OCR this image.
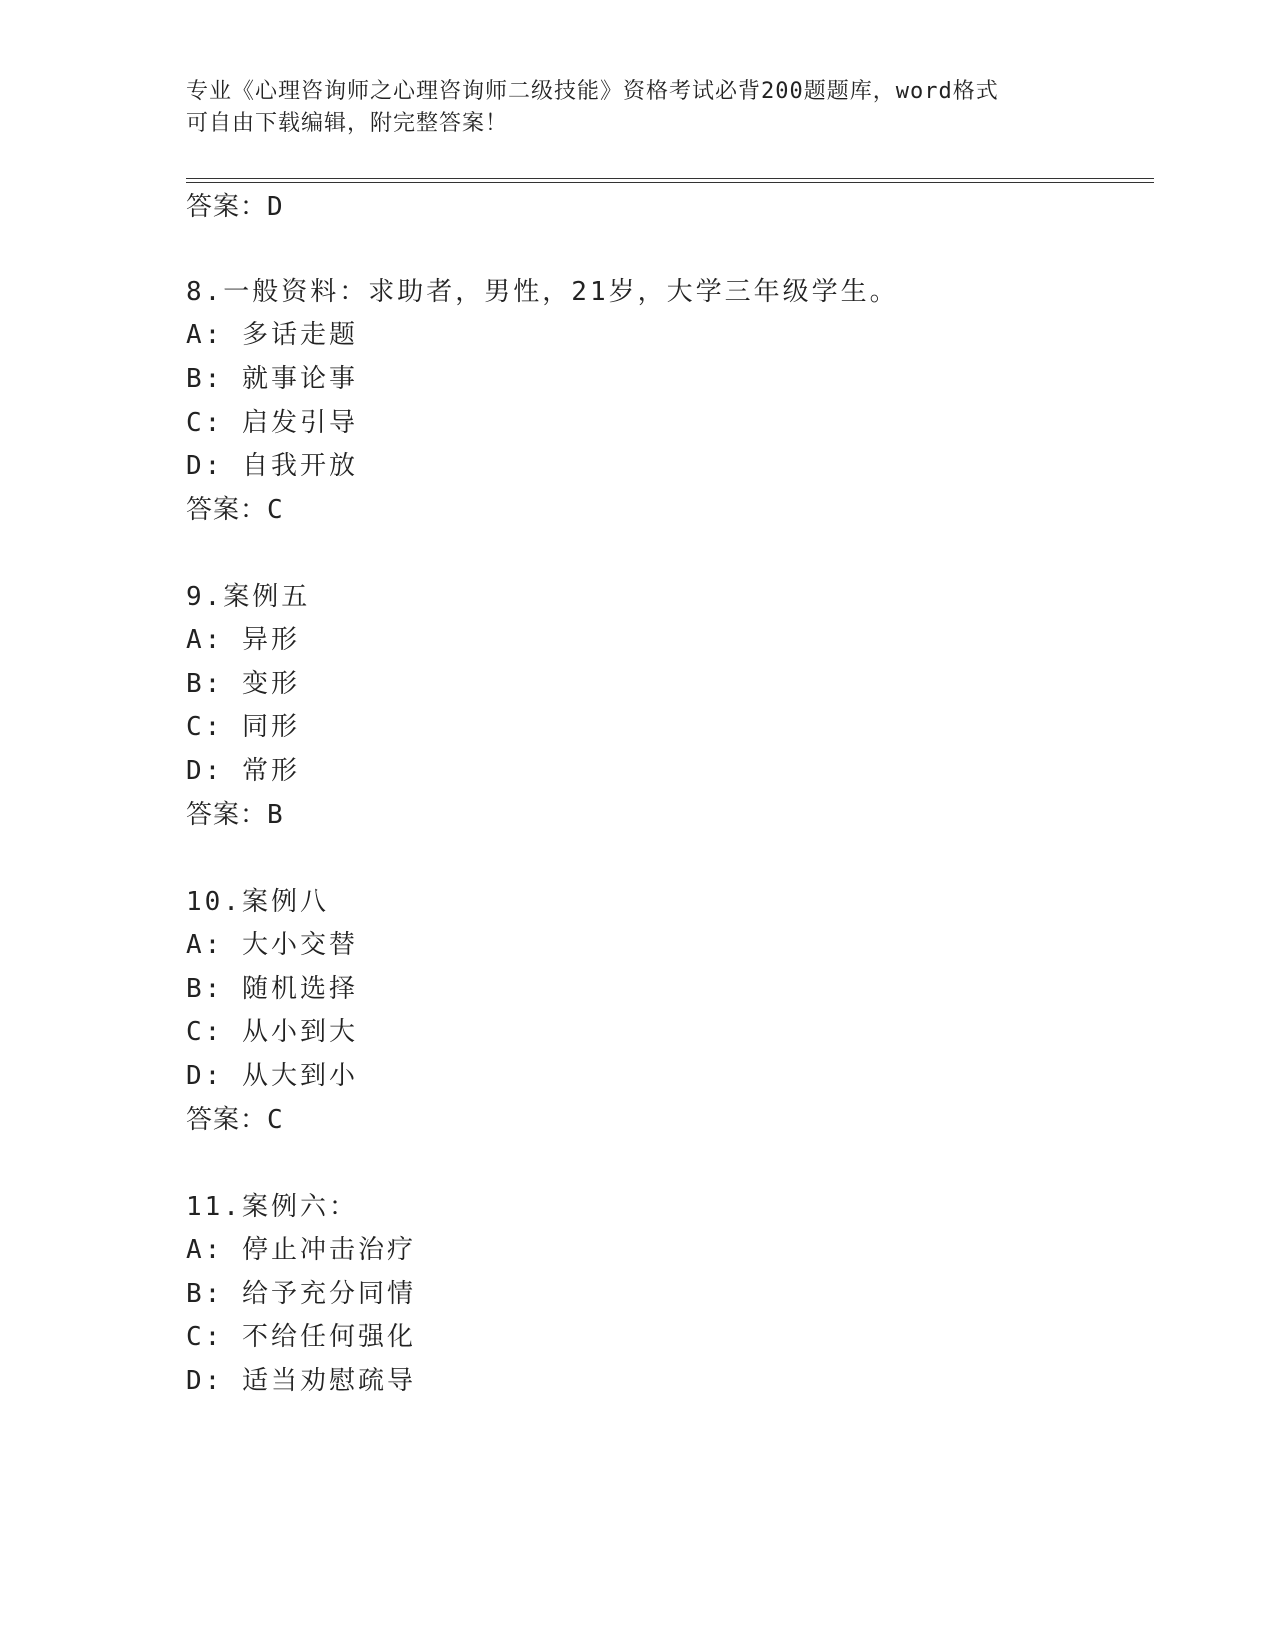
专业《心理咨询师之心理咨询师二级技能》资格考试必背200题题库，word格式
可自由下载编辑，附完整答案！
答案：D
8.一般资料：求助者，男性，21岁，大学三年级学生。
A: 多话走题
B: 就事论事
C: 启发引导
D: 自我开放
答案：C
9.案例五
A: 异形
B: 变形
C: 同形
D: 常形
答案：B
10.案例八
A: 大小交替
B: 随机选择
C: 从小到大
D: 从大到小
答案：C
11.案例六：
A: 停止冲击治疗
B: 给予充分同情
C: 不给任何强化
D: 适当劝慰疏导
